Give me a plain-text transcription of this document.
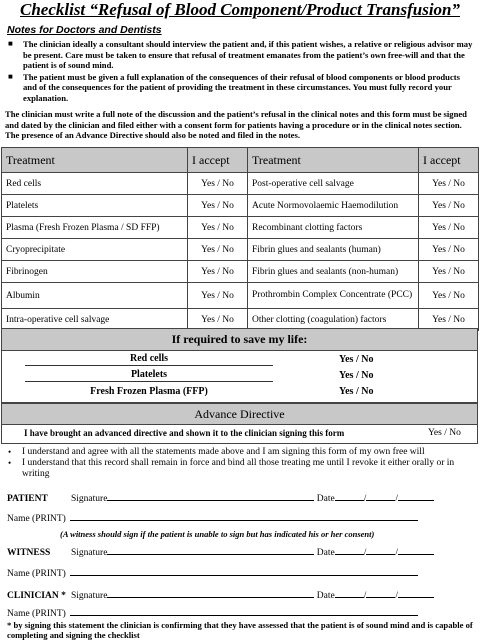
Checklist “Refusal of Blood Component/Product Transfusion”
Notes for Doctors and Dentists
■ The clinician ideally a consultant should interview the patient and, if this patient wishes, a relative or religious advisor may be present. Care must be taken to ensure that refusal of treatment emanates from the patient’s own free-will and that the patient is of sound mind.
■ The patient must be given a full explanation of the consequences of their refusal of blood components or blood products and of the consequences for the patient of providing the treatment in these circumstances. You must fully record your explanation.
The clinician must write a full note of the discussion and the patient’s refusal in the clinical notes and this form must be signed and dated by the clinician and filed either with a consent form for patients having a procedure or in the clinical notes section. The presence of an Advance Directive should also be noted and filed in the notes.
Treatment	I accept	Treatment	I accept
Red cells	Yes / No	Post-operative cell salvage	Yes / No
Platelets	Yes / No	Acute Normovolaemic Haemodilution	Yes / No
Plasma (Fresh Frozen Plasma / SD FFP)	Yes / No	Recombinant clotting factors	Yes / No
Cryoprecipitate	Yes / No	Fibrin glues and sealants (human)	Yes / No
Fibrinogen	Yes / No	Fibrin glues and sealants (non-human)	Yes / No
Albumin	Yes / No	Prothrombin Complex Concentrate (PCC)	Yes / No
Intra-operative cell salvage	Yes / No	Other clotting (coagulation) factors	Yes / No
If required to save my life:
Red cells	Yes / No
Platelets	Yes / No
Fresh Frozen Plasma (FFP)	Yes / No
Advance Directive
I have brought an advanced directive and shown it to the clinician signing this form	Yes / No
• I understand and agree with all the statements made above and I am signing this form of my own free will
• I understand that this record shall remain in force and bind all those treating me until I revoke it either orally or in writing
PATIENT Signature	Date	/	/
Name (PRINT)
(A witness should sign if the patient is unable to sign but has indicated his or her consent)
WITNESS Signature	Date	/	/
Name (PRINT)
CLINICIAN * Signature	Date	/	/
Name (PRINT)
* by signing this statement the clinician is confirming that they have assessed that the patient is of sound mind and is capable of completing and signing the checklist
